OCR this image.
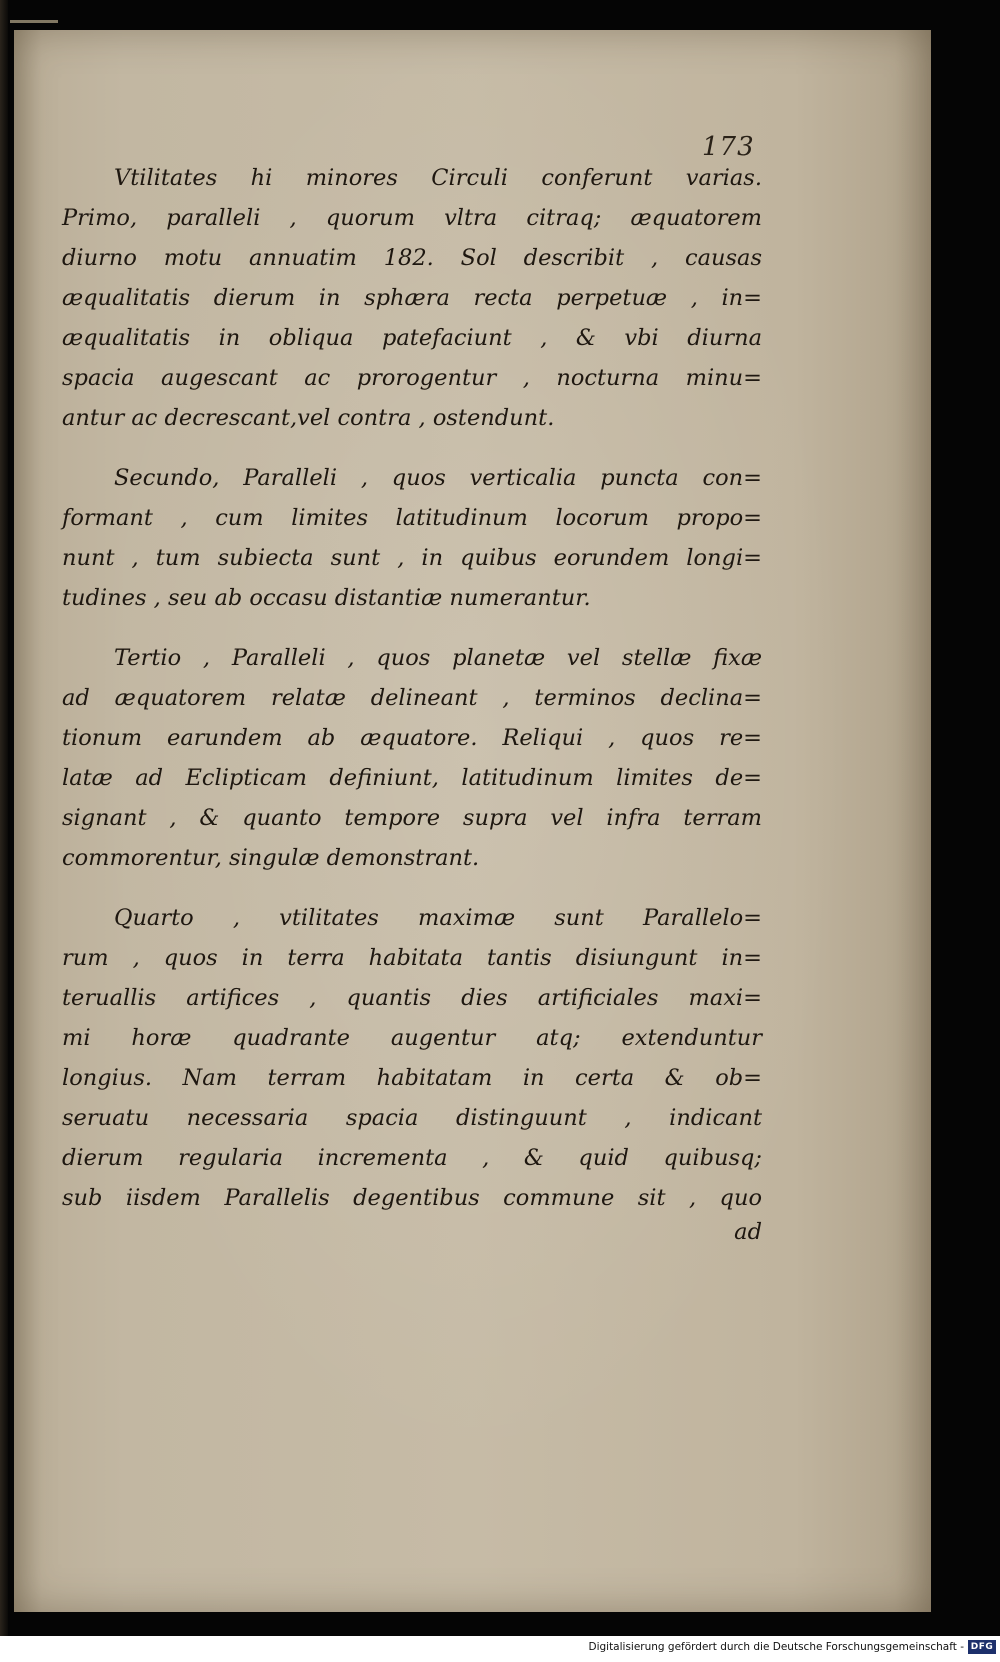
173

Vtilitates hi minores Circuli conferunt varias.
Primo, paralleli , quorum vltra citraq; æquatorem
diurno motu annuatim 182. Sol describit , causas
æqualitatis dierum in sphæra recta perpetuæ , in=
æqualitatis in obliqua patefaciunt , & vbi diurna
spacia augescant ac prorogentur , nocturna minu=
antur ac decrescant,vel contra , ostendunt.

Secundo, Paralleli , quos verticalia puncta con=
formant , cum limites latitudinum locorum propo=
nunt , tum subiecta sunt , in quibus eorundem longi=
tudines , seu ab occasu distantiæ numerantur.

Tertio , Paralleli , quos planetæ vel stellæ fixæ
ad æquatorem relatæ delineant , terminos declina=
tionum earundem ab æquatore. Reliqui , quos re=
latæ ad Eclipticam definiunt, latitudinum limites de=
signant , & quanto tempore supra vel infra terram
commorentur, singulæ demonstrant.

Quarto , vtilitates maximæ sunt Parallelo=
rum , quos in terra habitata tantis disiungunt in=
teruallis artifices , quantis dies artificiales maxi=
mi horæ quadrante augentur atq; extenduntur
longius. Nam terram habitatam in certa & ob=
seruatu necessaria spacia distinguunt , indicant
dierum regularia incrementa , & quid quibusq;
sub iisdem Parallelis degentibus commune sit , quo
ad

Digitalisierung gefördert durch die Deutsche Forschungsgemeinschaft - DFG
